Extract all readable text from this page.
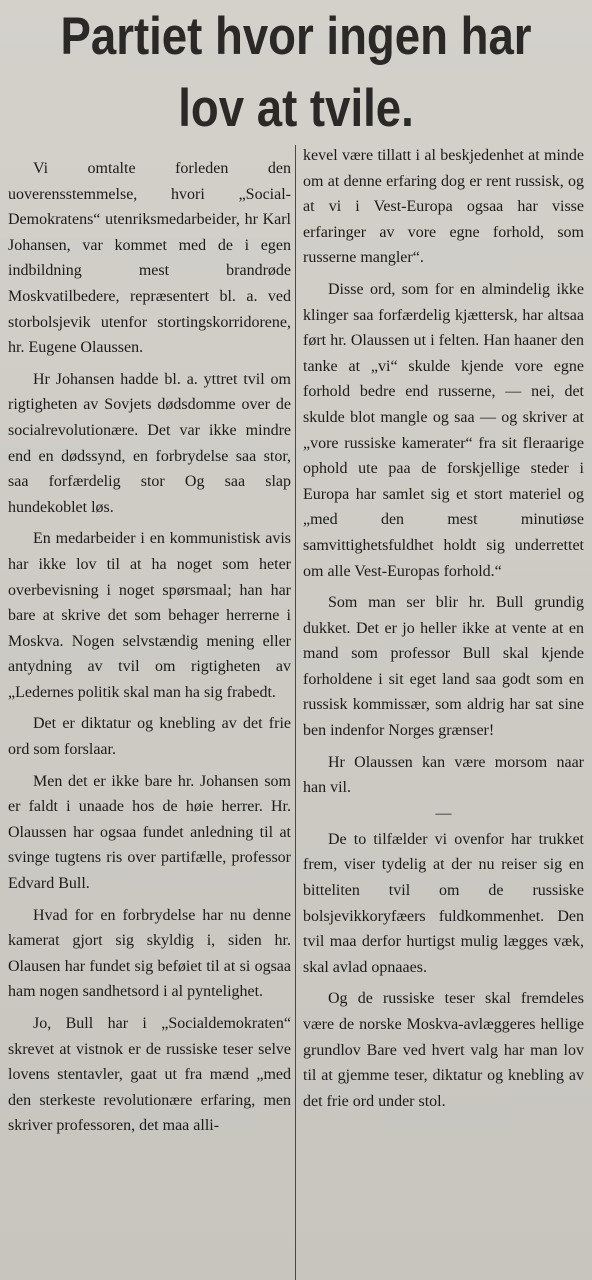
Partiet hvor ingen har
lov at tvile.

Vi omtalte forleden den uoverensstemmelse, hvori „Social-Demokratens“ utenriksmedarbeider, hr Karl Johansen, var kommet med de i egen indbildning mest brandrøde Moskvatilbedere, repræsentert bl. a. ved storbolsjevik utenfor stortingskorridorene, hr. Eugene Olaussen.

Hr Johansen hadde bl. a. yttret tvil om rigtigheten av Sovjets dødsdomme over de socialrevolutionære. Det var ikke mindre end en dødssynd, en forbrydelse saa stor, saa forfærdelig stor Og saa slap hundekoblet løs.

En medarbeider i en kommunistisk avis har ikke lov til at ha noget som heter overbevisning i noget spørsmaal; han har bare at skrive det som behager herrerne i Moskva. Nogen selvstændig mening eller antydning av tvil om rigtigheten av „Ledernes politik skal man ha sig frabedt.

Det er diktatur og knebling av det frie ord som forslaar.

Men det er ikke bare hr. Johansen som er faldt i unaade hos de høie herrer. Hr. Olaussen har ogsaa fundet anledning til at svinge tugtens ris over partifælle, professor Edvard Bull.

Hvad for en forbrydelse har nu denne kamerat gjort sig skyldig i, siden hr. Olausen har fundet sig beføiet til at si ogsaa ham nogen sandhetsord i al pyntelighet.

Jo, Bull har i „Socialdemokraten“ skrevet at vistnok er de russiske teser selve lovens stentavler, gaat ut fra mænd „med den sterkeste revolutionære erfaring, men skriver professoren, det maa alli-

kevel være tillatt i al beskjedenhet at minde om at denne erfaring dog er rent russisk, og at vi i Vest-Europa ogsaa har visse erfaringer av vore egne forhold, som russerne mangler“.

Disse ord, som for en almindelig ikke klinger saa forfærdelig kjættersk, har altsaa ført hr. Olaussen ut i felten. Han haaner den tanke at „vi“ skulde kjende vore egne forhold bedre end russerne, — nei, det skulde blot mangle og saa — og skriver at „vore russiske kamerater“ fra sit fleraarige ophold ute paa de forskjellige steder i Europa har samlet sig et stort materiel og „med den mest minutiøse samvittighetsfuldhet holdt sig underrettet om alle Vest-Europas forhold.“

Som man ser blir hr. Bull grundig dukket. Det er jo heller ikke at vente at en mand som professor Bull skal kjende forholdene i sit eget land saa godt som en russisk kommissær, som aldrig har sat sine ben indenfor Norges grænser!

Hr Olaussen kan være morsom naar han vil.

—

De to tilfælder vi ovenfor har trukket frem, viser tydelig at der nu reiser sig en bitteliten tvil om de russiske bolsjevikkoryfæers fuldkommenhet. Den tvil maa derfor hurtigst mulig lægges væk, skal avlad opnaaes.

Og de russiske teser skal fremdeles være de norske Moskva-avlæggeres hellige grundlov Bare ved hvert valg har man lov til at gjemme teser, diktatur og knebling av det frie ord under stol.
